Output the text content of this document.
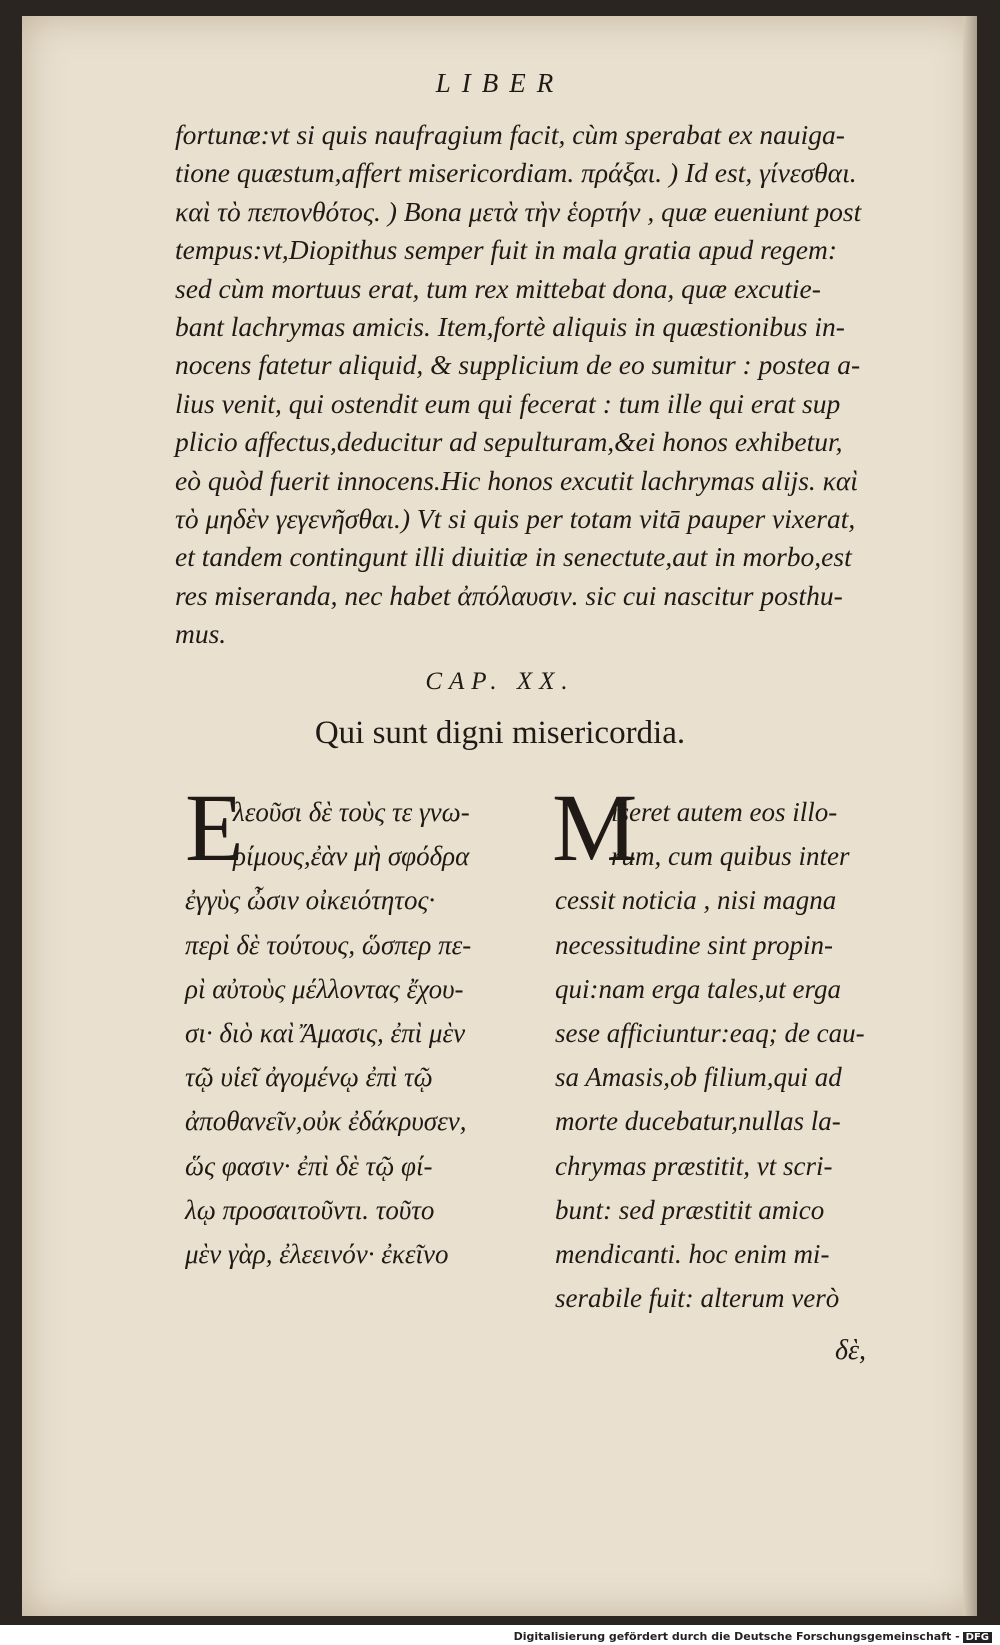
LIBER
fortunæ:vt si quis naufragium facit, cùm sperabat ex nauiga-
tione quæstum,affert misericordiam. πράξαι. ) Id est, γίνεσθαι.
καὶ τὸ πεπονθότος. ) Bona μετὰ τὴν ἑορτήν , quæ eueniunt post
tempus:vt,Diopithus semper fuit in mala gratia apud regem:
sed cùm mortuus erat, tum rex mittebat dona, quæ excutie-
bant lachrymas amicis. Item,fortè aliquis in quæstionibus in-
nocens fatetur aliquid, & supplicium de eo sumitur : postea a-
lius venit, qui ostendit eum qui fecerat : tum ille qui erat sup
plicio affectus,deducitur ad sepulturam,&ei honos exhibetur,
eò quòd fuerit innocens.Hic honos excutit lachrymas alijs. καὶ
τὸ μηδὲν γεγενῆσθαι.) Vt si quis per totam vitā pauper vixerat,
et tandem contingunt illi diuitiæ in senectute,aut in morbo,est
res miseranda, nec habet ἀπόλαυσιν. sic cui nascitur posthu-
mus.
CAP. XX.
Qui sunt digni misericordia.
E
λεοῦσι δὲ τοὺς τε γνω-
ρίμους,ἐὰν μὴ σφόδρα
ἐγγὺς ὦσιν οἰκειότητος·
περὶ δὲ τούτους, ὥσπερ πε-
ρὶ αὐτοὺς μέλλοντας ἔχου-
σι· διὸ καὶ Ἄμασις, ἐπὶ μὲν
τῷ υἱεῖ ἀγομένῳ ἐπὶ τῷ
ἀποθανεῖν,οὐκ ἐδάκρυσεν,
ὥς φασιν· ἐπὶ δὲ τῷ φί-
λῳ προσαιτοῦντι. τοῦτο
μὲν γὰρ, ἐλεεινόν· ἐκεῖνο
M
iseret autem eos illo-
rum, cum quibus inter
cessit noticia , nisi magna
necessitudine sint propin-
qui:nam erga tales,ut erga
sese afficiuntur:eaq; de cau-
sa Amasis,ob filium,qui ad
morte ducebatur,nullas la-
chrymas præstitit, vt scri-
bunt: sed præstitit amico
mendicanti. hoc enim mi-
serabile fuit: alterum verò
δὲ,
Digitalisierung gefördert durch die Deutsche Forschungsgemeinschaft - DFG
